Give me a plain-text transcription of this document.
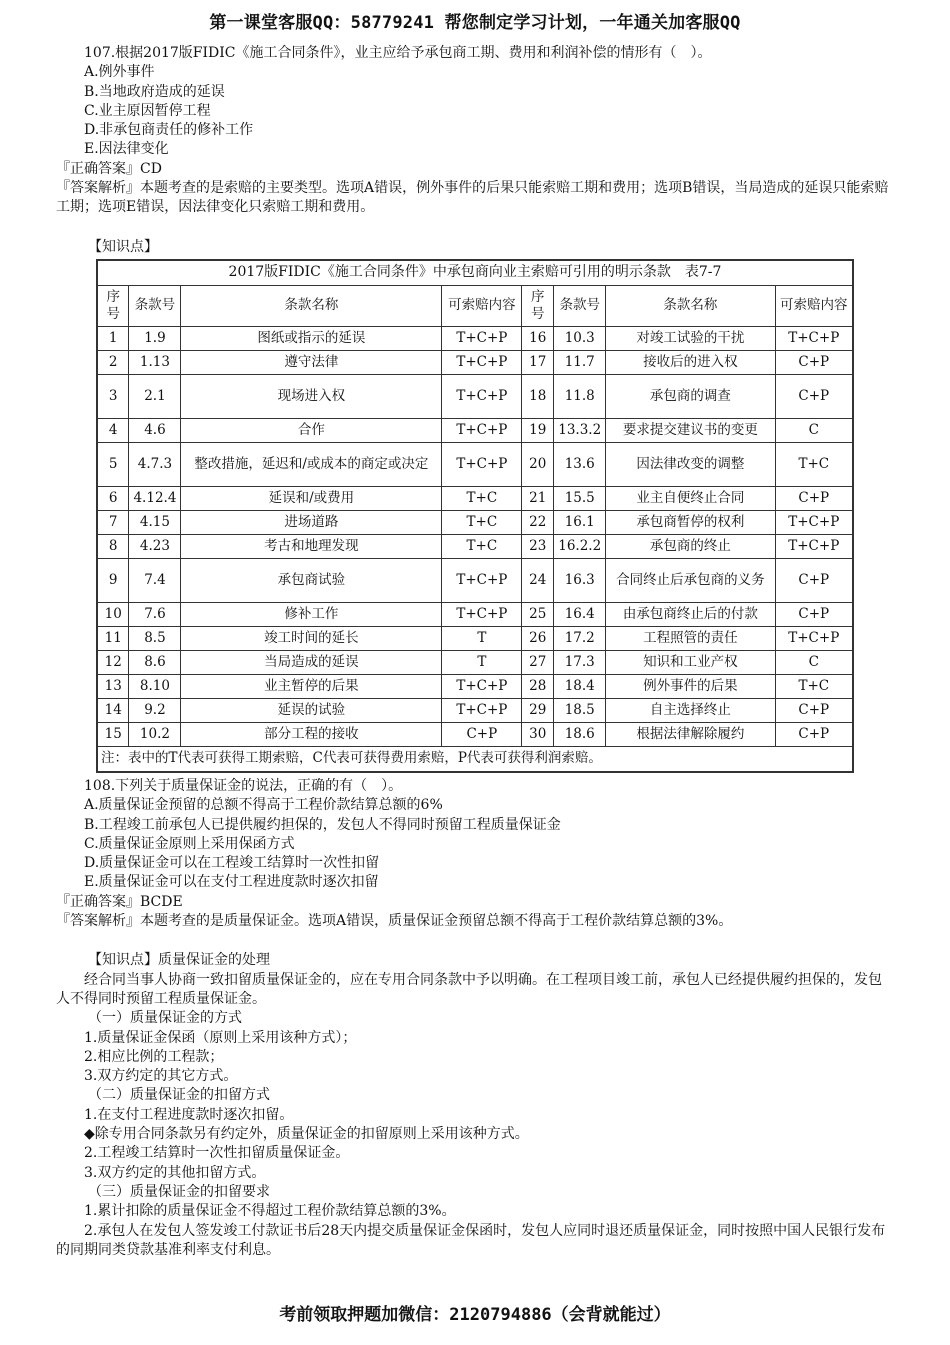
第一课堂客服QQ：58779241 帮您制定学习计划，一年通关加客服QQ
107.根据2017版FIDIC《施工合同条件》，业主应给予承包商工期、费用和利润补偿的情形有（　）。
A.例外事件
B.当地政府造成的延误
C.业主原因暂停工程
D.非承包商责任的修补工作
E.因法律变化
『正确答案』CD
『答案解析』本题考查的是索赔的主要类型。选项A错误，例外事件的后果只能索赔工期和费用；选项B错误，当局造成的延误只能索赔工期；选项E错误，因法律变化只索赔工期和费用。
【知识点】
2017版FIDIC《施工合同条件》中承包商向业主索赔可引用的明示条款　表7-7							
序号	条款号	条款名称	可索赔内容	序号	条款号	条款名称	可索赔内容
1	1.9	图纸或指示的延误	T+C+P	16	10.3	对竣工试验的干扰	T+C+P
2	1.13	遵守法律	T+C+P	17	11.7	接收后的进入权	C+P
3	2.1	现场进入权	T+C+P	18	11.8	承包商的调查	C+P
4	4.6	合作	T+C+P	19	13.3.2	要求提交建议书的变更	C
5	4.7.3	整改措施，延迟和/或成本的商定或决定	T+C+P	20	13.6	因法律改变的调整	T+C
6	4.12.4	延误和/或费用	T+C	21	15.5	业主自便终止合同	C+P
7	4.15	进场道路	T+C	22	16.1	承包商暂停的权利	T+C+P
8	4.23	考古和地理发现	T+C	23	16.2.2	承包商的终止	T+C+P
9	7.4	承包商试验	T+C+P	24	16.3	合同终止后承包商的义务	C+P
10	7.6	修补工作	T+C+P	25	16.4	由承包商终止后的付款	C+P
11	8.5	竣工时间的延长	T	26	17.2	工程照管的责任	T+C+P
12	8.6	当局造成的延误	T	27	17.3	知识和工业产权	C
13	8.10	业主暂停的后果	T+C+P	28	18.4	例外事件的后果	T+C
14	9.2	延误的试验	T+C+P	29	18.5	自主选择终止	C+P
15	10.2	部分工程的接收	C+P	30	18.6	根据法律解除履约	C+P
注：表中的T代表可获得工期索赔，C代表可获得费用索赔，P代表可获得利润索赔。							
108.下列关于质量保证金的说法，正确的有（　）。
A.质量保证金预留的总额不得高于工程价款结算总额的6%
B.工程竣工前承包人已提供履约担保的，发包人不得同时预留工程质量保证金
C.质量保证金原则上采用保函方式
D.质量保证金可以在工程竣工结算时一次性扣留
E.质量保证金可以在支付工程进度款时逐次扣留
『正确答案』BCDE
『答案解析』本题考查的是质量保证金。选项A错误，质量保证金预留总额不得高于工程价款结算总额的3%。
【知识点】质量保证金的处理
经合同当事人协商一致扣留质量保证金的，应在专用合同条款中予以明确。在工程项目竣工前，承包人已经提供履约担保的，发包人不得同时预留工程质量保证金。
（一）质量保证金的方式
1.质量保证金保函（原则上采用该种方式）；
2.相应比例的工程款；
3.双方约定的其它方式。
（二）质量保证金的扣留方式
1.在支付工程进度款时逐次扣留。
◆除专用合同条款另有约定外，质量保证金的扣留原则上采用该种方式。
2.工程竣工结算时一次性扣留质量保证金。
3.双方约定的其他扣留方式。
（三）质量保证金的扣留要求
1.累计扣除的质量保证金不得超过工程价款结算总额的3%。
2.承包人在发包人签发竣工付款证书后28天内提交质量保证金保函时，发包人应同时退还质量保证金，同时按照中国人民银行发布的同期同类贷款基准利率支付利息。
考前领取押题加微信：2120794886（会背就能过）
